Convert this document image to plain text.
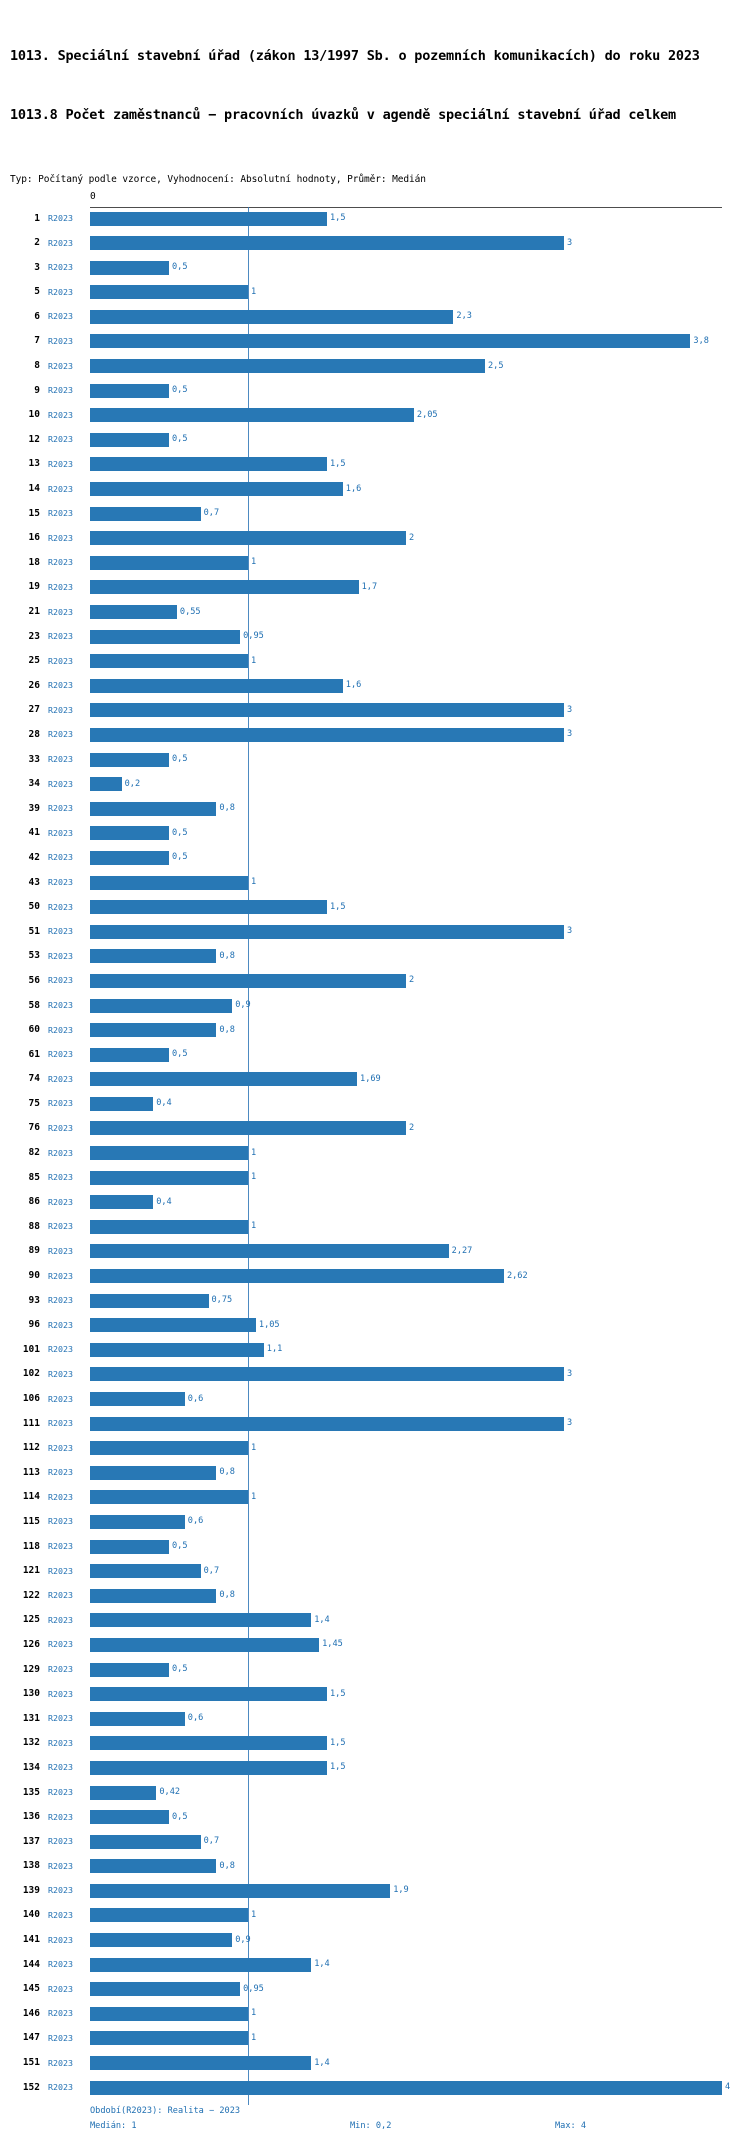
1013. Speciální stavební úřad (zákon 13/1997 Sb. o pozemních komunikacích) do roku 2023

1013.8 Počet zaměstnanců − pracovních úvazků v agendě speciální stavební úřad celkem

Typ: Počítaný podle vzorce, Vyhodnocení: Absolutní hodnoty, Průměr: Medián
0
1 R2023	1,5
2 R2023	3
3 R2023	0,5
5 R2023	1
6 R2023	2,3
7 R2023	3,8
8 R2023	2,5
9 R2023	0,5
10 R2023	2,05
12 R2023	0,5
13 R2023	1,5
14 R2023	1,6
15 R2023	0,7
16 R2023	2
18 R2023	1
19 R2023	1,7
21 R2023	0,55
23 R2023	0,95
25 R2023	1
26 R2023	1,6
27 R2023	3
28 R2023	3
33 R2023	0,5
34 R2023	0,2
39 R2023	0,8
41 R2023	0,5
42 R2023	0,5
43 R2023	1
50 R2023	1,5
51 R2023	3
53 R2023	0,8
56 R2023	2
58 R2023	0,9
60 R2023	0,8
61 R2023	0,5
74 R2023	1,69
75 R2023	0,4
76 R2023	2
82 R2023	1
85 R2023	1
86 R2023	0,4
88 R2023	1
89 R2023	2,27
90 R2023	2,62
93 R2023	0,75
96 R2023	1,05
101 R2023	1,1
102 R2023	3
106 R2023	0,6
111 R2023	3
112 R2023	1
113 R2023	0,8
114 R2023	1
115 R2023	0,6
118 R2023	0,5
121 R2023	0,7
122 R2023	0,8
125 R2023	1,4
126 R2023	1,45
129 R2023	0,5
130 R2023	1,5
131 R2023	0,6
132 R2023	1,5
134 R2023	1,5
135 R2023	0,42
136 R2023	0,5
137 R2023	0,7
138 R2023	0,8
139 R2023	1,9
140 R2023	1
141 R2023	0,9
144 R2023	1,4
145 R2023	0,95
146 R2023	1
147 R2023	1
151 R2023	1,4
152 R2023	4
Období(R2023): Realita − 2023
Medián: 1	Min: 0,2	Max: 4
